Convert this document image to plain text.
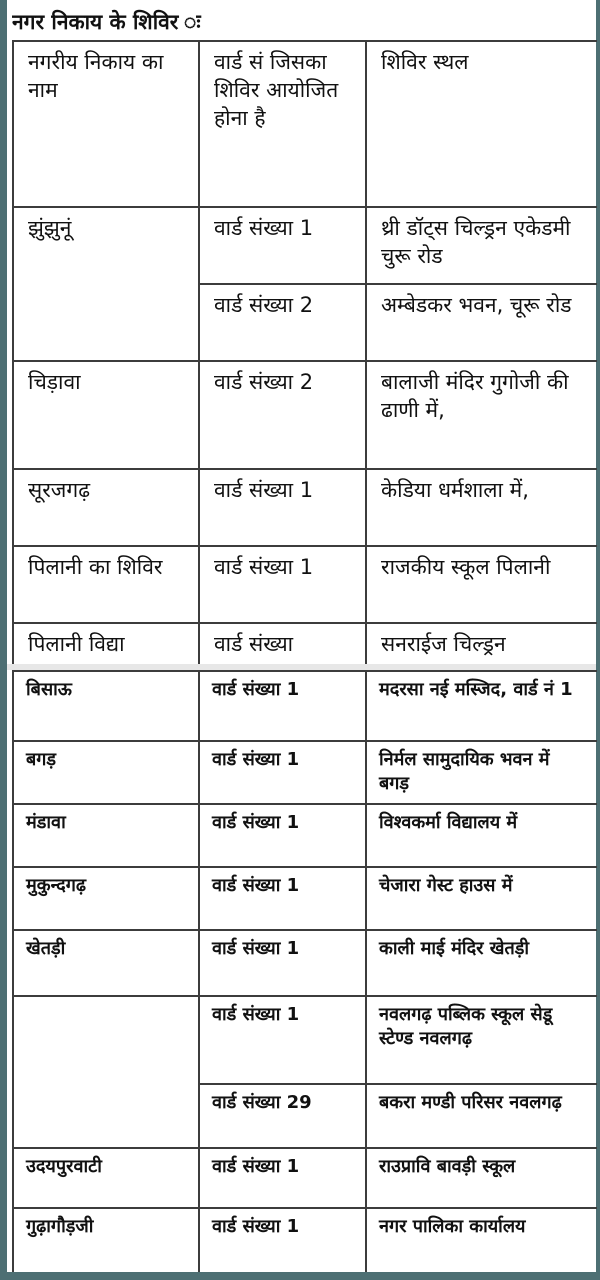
नगर निकाय के शिविर ः
नगरीय निकाय का नाम	वार्ड सं जिसका शिविर आयोजित होना है	शिविर स्थल
झुंझुनूं	वार्ड संख्या 1	थ्री डॉट्स चिल्ड्रन एकेडमी चुरू रोड
	वार्ड संख्या 2	अम्बेडकर भवन, चूरू रोड
चिड़ावा	वार्ड संख्या 2	बालाजी मंदिर गुगोजी की ढाणी में,
सूरजगढ़	वार्ड संख्या 1	केडिया धर्मशाला में,
पिलानी का शिविर	वार्ड संख्या 1	राजकीय स्कूल पिलानी
पिलानी विद्या	वार्ड संख्या	सनराईज चिल्ड्रन
बिसाऊ	वार्ड संख्या 1	मदरसा नई मस्जिद, वार्ड नं 1
बगड़	वार्ड संख्या 1	निर्मल सामुदायिक भवन में बगड़
मंडावा	वार्ड संख्या 1	विश्वकर्मा विद्यालय में
मुकुन्दगढ़	वार्ड संख्या 1	चेजारा गेस्ट हाउस में
खेतड़ी	वार्ड संख्या 1	काली माई मंदिर खेतड़ी
	वार्ड संख्या 1	नवलगढ़ पब्लिक स्कूल सेडू स्टेण्ड नवलगढ़
	वार्ड संख्या 29	बकरा मण्डी परिसर नवलगढ़
उदयपुरवाटी	वार्ड संख्या 1	राउप्रावि बावड़ी स्कूल
गुढ़ागौड़जी	वार्ड संख्या 1	नगर पालिका कार्यालय
